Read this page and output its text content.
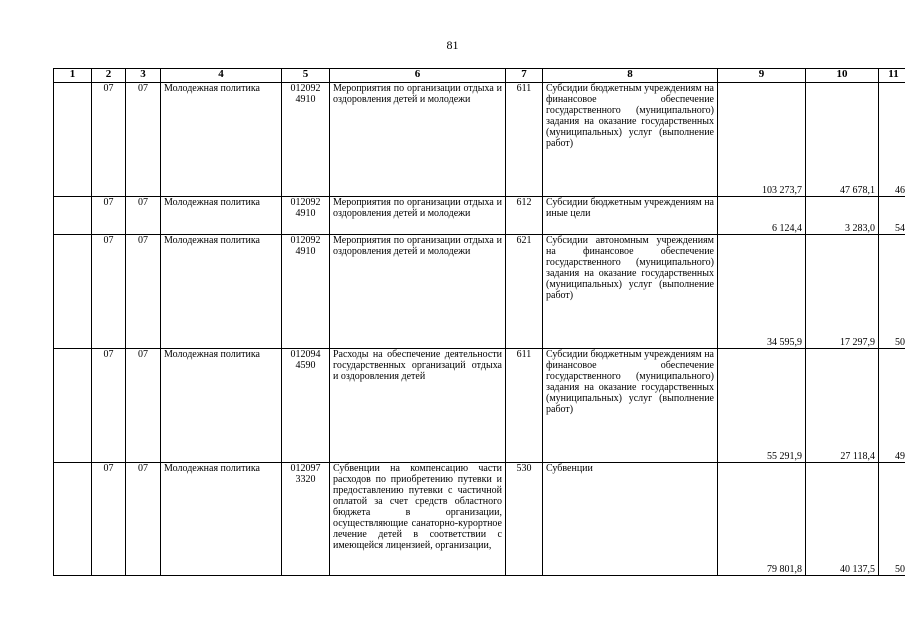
81
1	2	3	4	5	6	7	8	9	10	11
	07	07	Молодежная политика	012092 4910	Мероприятия по организации отдыха и оздоровления детей и молодежи	611	Субсидии бюджетным учреждениям на финансовое обеспечение государственного (муниципального) задания на оказание государственных (муниципальных) услуг (выполнение работ)	103 273,7	47 678,1	46
	07	07	Молодежная политика	012092 4910	Мероприятия по организации отдыха и оздоровления детей и молодежи	612	Субсидии бюджетным учреждениям на иные цели	6 124,4	3 283,0	54
	07	07	Молодежная политика	012092 4910	Мероприятия по организации отдыха и оздоровления детей и молодежи	621	Субсидии автономным учреждениям на финансовое обеспечение государственного (муниципального) задания на оказание государственных (муниципальных) услуг (выполнение работ)	34 595,9	17 297,9	50
	07	07	Молодежная политика	012094 4590	Расходы на обеспечение деятельности государственных организаций отдыха и оздоровления детей	611	Субсидии бюджетным учреждениям на финансовое обеспечение государственного (муниципального) задания на оказание государственных (муниципальных) услуг (выполнение работ)	55 291,9	27 118,4	49
	07	07	Молодежная политика	012097 3320	Субвенции на компенсацию части расходов по приобретению путевки и предоставлению путевки с частичной оплатой за счет средств областного бюджета в организации, осуществляющие санаторно-курортное лечение детей в соответствии с имеющейся лицензией, организации,	530	Субвенции	79 801,8	40 137,5	50
